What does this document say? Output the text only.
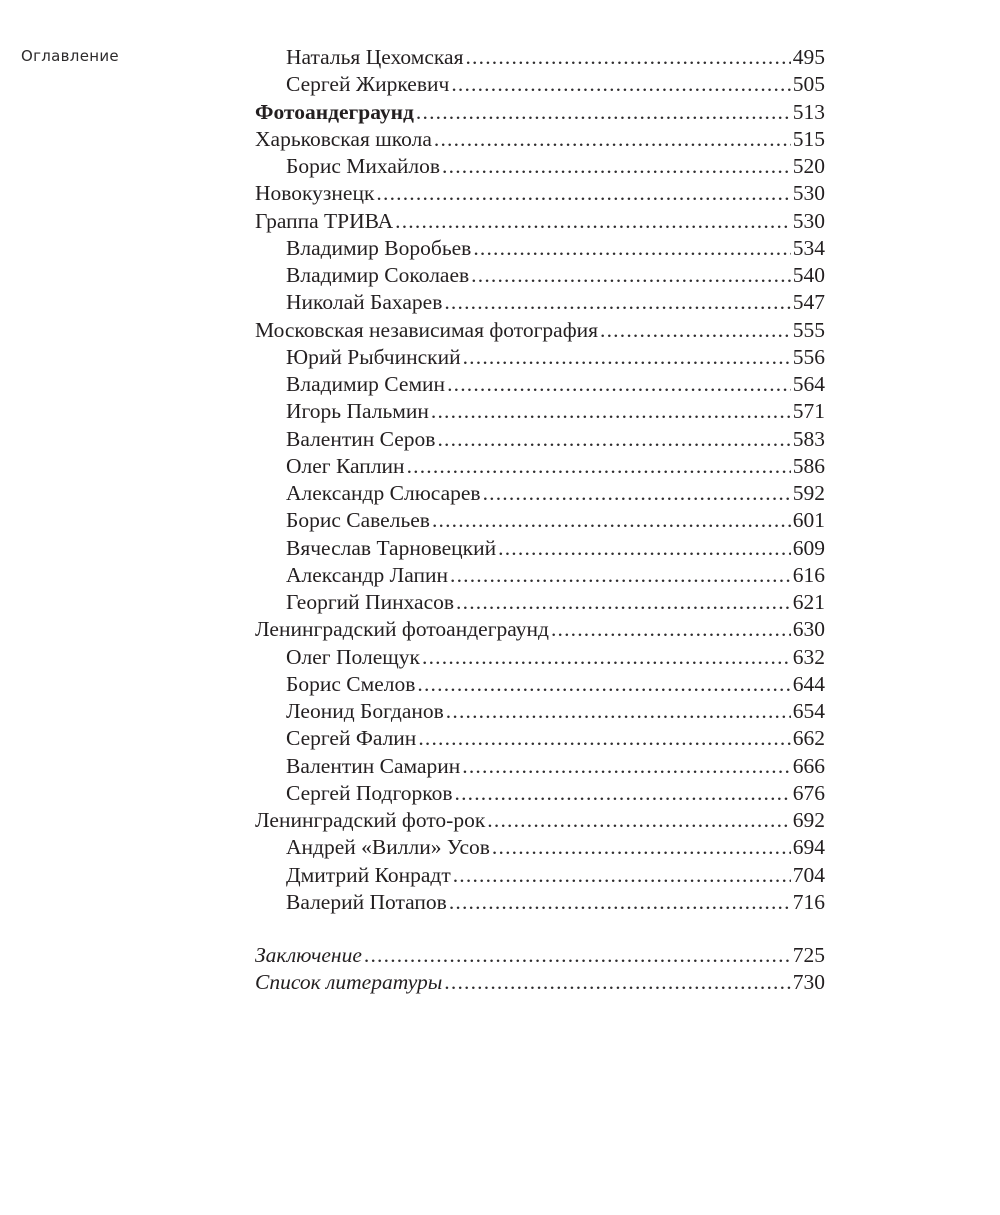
Оглавление	Наталья Цехомская .....	495
Сергей Жиркевич .....	505
Фотоандеграунд .....	513
Харьковская школа .....	515
Борис Михайлов .....	520
Новокузнецк .....	530
Граппа ТРИВА .....	530
Владимир Воробьев .....	534
Владимир Соколаев .....	540
Николай Бахарев .....	547
Московская независимая фотография .....	555
Юрий Рыбчинский .....	556
Владимир Семин .....	564
Игорь Пальмин .....	571
Валентин Серов .....	583
Олег Каплин .....	586
Александр Слюсарев .....	592
Борис Савельев .....	601
Вячеслав Тарновецкий .....	609
Александр Лапин .....	616
Георгий Пинхасов .....	621
Ленинградский фотоандеграунд .....	630
Олег Полещук .....	632
Борис Смелов .....	644
Леонид Богданов .....	654
Сергей Фалин .....	662
Валентин Самарин .....	666
Сергей Подгорков .....	676
Ленинградский фото-рок .....	692
Андрей «Вилли» Усов .....	694
Дмитрий Конрадт .....	704
Валерий Потапов .....	716
Заключение .....	725
Список литературы .....	730
